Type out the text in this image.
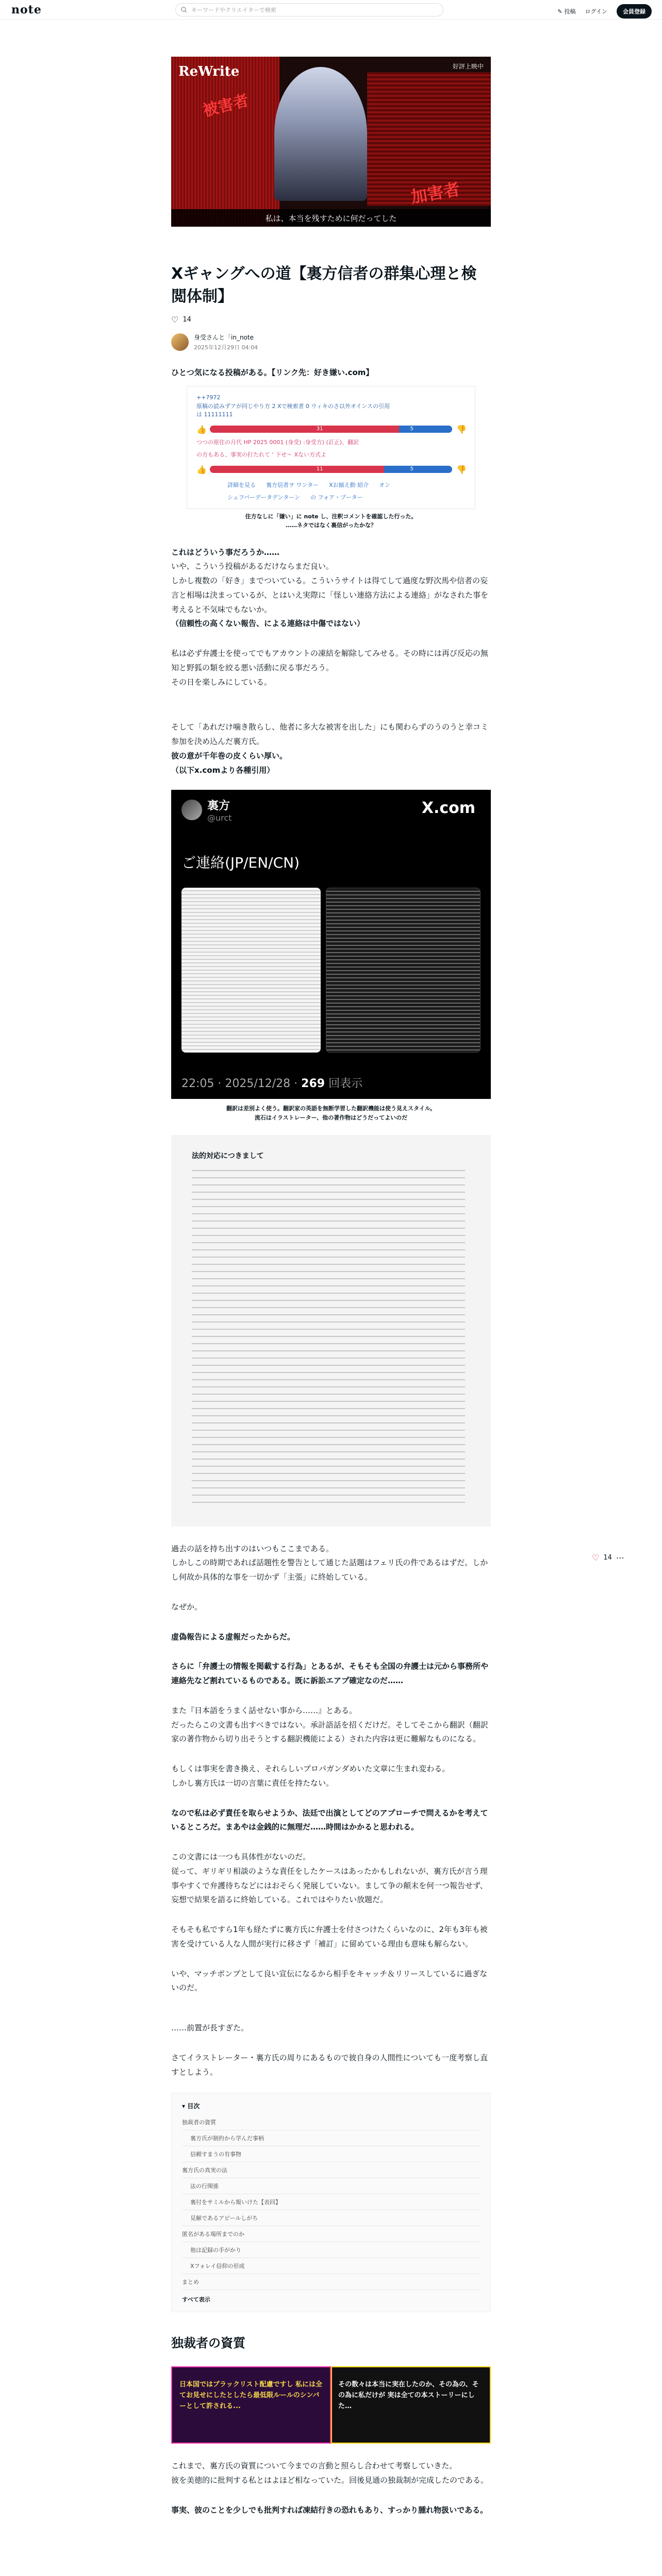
note	キーワードやクリエイターで検索	✎ 投稿 ログイン	会員登録
♡ 14 ⋯
ReWrite	好評上映中
被害者
加害者
私は、本当を残すために何だってした
Xギャングへの道【裏方信者の群集心理と検閲体制】
♡ 14
身受さんと「in_note
2025年12月29日 04:04

ひとつ気になる投稿がある。【リンク先：好き嫌い.com】

++7972
原稿の読みずアが同じやり方 2 Xで検索者 0 ウィキのさ以外オインスの引用
は 11111111
👍	31	5	👎
つつの原住の月代 HP 2025 0001 (身受) :身受方) (訂正)、翻訳
の方もある、事実の打たれて ' 下せ～ Xない方式よ
👍	11	5	👎
詳細を見る 裏方信者ヲ ワンター Xお揃え動 紹介 オン
シェフバーデータデンターン の フォア・プーター
住方なしに「嫌い」に note し、注釈コメントを確認した行った。
……ネタではなく裏信がったかな？
これはどういう事だろうか……
いや、こういう投稿があるだけならまだ良い。
しかし複数の「好き」までついている。こういうサイトは得てして過度な野次馬や信者の妄言と相場は決まっているが、とはいえ実際に「怪しい連絡方法による連絡」がなされた事を考えると不気味でもないか。
（信頼性の高くない報告、による連絡は中傷ではない）
私は必ず弁護士を使ってでもアカウントの凍結を解除してみせる。その時には再び反応の無知と野狐の類を絞る悪い活動に戻る事だろう。
その日を楽しみにしている。
そして「あれだけ噛き散らし、他者に多大な被害を出した」にも関わらずのうのうと幸コミ参加を決め込んだ裏方氏。
彼の意が千年巻の皮くらい厚い。
（以下x.comより各種引用）
裏方
@urct
X.com
ご連絡(JP/EN/CN)
22:05 · 2025/12/28 · 269 回表示
翻訳は差別よく使う。翻訳家の英語を無断学習した翻訳機能は使う見えスタイル。
流石はイラストレーター、他の著作物はどうだってよいのだ
法的対応につきまして
過去の話を持ち出すのはいつもここまである。
しかしこの時期であれば話題性を警告として通じた話題はフェリ氏の件であるはずだ。しかし何故か具体的な事を一切かず「主張」に終始している。
なぜか。
虚偽報告による虚報だったからだ。
さらに「弁護士の情報を掲載する行為」とあるが、そもそも全国の弁護士は元から事務所や連絡先など割れているものである。既に訴訟エアプ確定なのだ……
また『日本語をうまく話せない事から……』とある。
だったらこの文書も出すべきではない。承計語話を招くだけだ。そしてそこから翻訳（翻訳家の著作物から切り出そうとする翻訳機能による）された内容は更に難解なものになる。
もしくは事実を書き換え、それらしいプロパガンダめいた文章に生まれ変わる。
しかし裏方氏は一切の言葉に責任を持たない。
なので私は必ず責任を取らせようか、法廷で出演としてどのアプローチで問えるかを考えているところだ。まあやは金銭的に無理だ……時間はかかると思われる。
この文書には一つも具体性がないのだ。
従って、ギリギリ相談のような責任をしたケースはあったかもしれないが、裏方氏が言う理事やすくで弁護待ちなどにはおそらく発展していない。まして争の顛末を何一つ報告せず、妄想で結果を語るに終始している。これではやりたい放題だ。
そもそも私ですら1年も経たずに裏方氏に弁護士を付さつけたくらいなのに、2年も3年も被害を受けている人な人間が実行に移さず「補訂」に留めている理由も意味も解らない。
いや、マッチポンプとして良い宣伝になるから相手をキャッチ＆リリースしているに過ぎないのだ。
……前置が長すぎた。
さてイラストレーター・裏方氏の周りにあるもので彼自身の人間性についても一度考察し直すとしよう。
▾ 目次
独裁者の資質
裏方氏が制約から学んだ事柄
信頼すまうの有事物
裏方氏の真実の法
法の行関係
裏付をサミルから報いけた【表回】
見解であるアピールしがち
匿名がある場所までのか
他は記録の手がかり
Xフォレイ信仰の形成
まとめ
すべて表示
独裁者の資質
日本国ではブラックリスト配慮ですし 私には全てお見せにしたとしたら最低限ルールのシンバーとして許される...
その数々は本当に実在したのか、その為の、その為に私だけが 実は全ての本ストーリーにした…
これまで、裏方氏の資質について今までの言動と照らし合わせて考察していきた。
彼を美徳的に批判する私とはよほど相なっていた。回後見通の独裁制が完成したのである。
事実、彼のことを少しでも批判すれば凍結行きの恐れもあり、すっかり腫れ物扱いである。
